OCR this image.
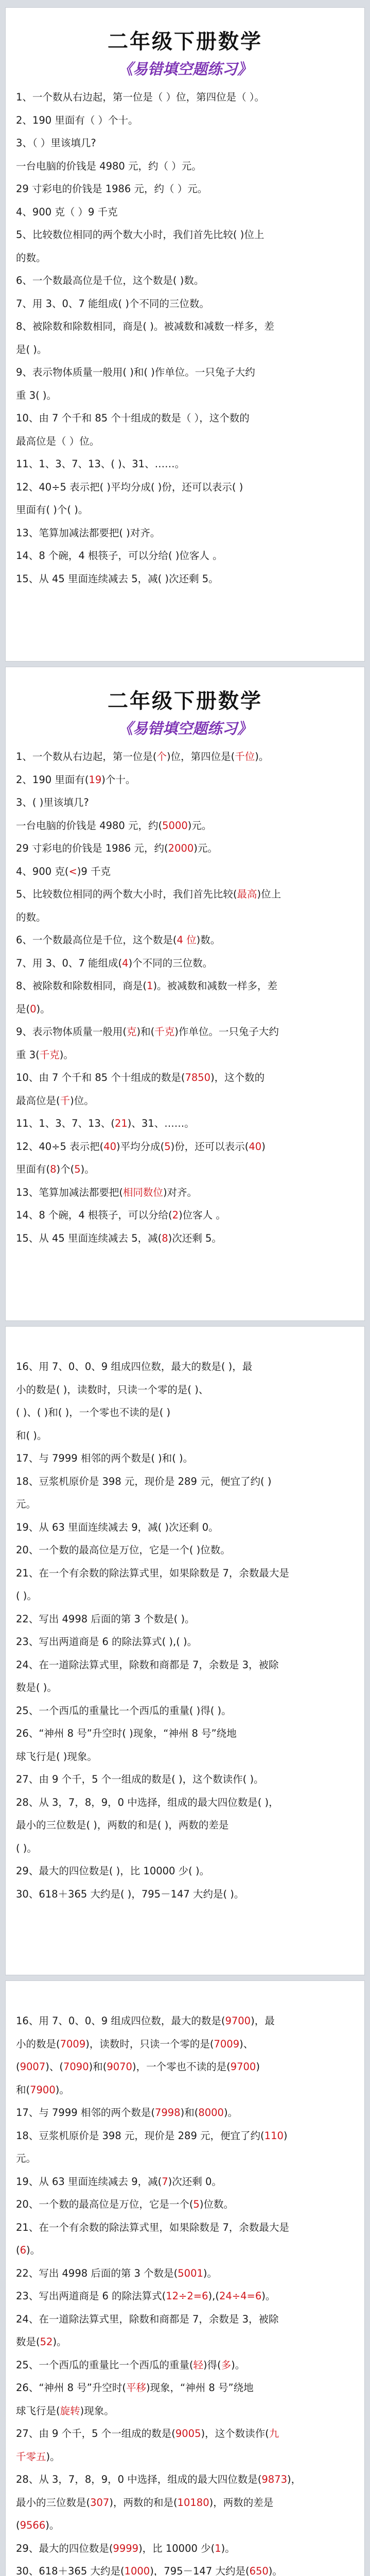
二年级下册数学
《易错填空题练习》
1、一个数从右边起，第一位是（ ）位，第四位是（ ）。
2、190 里面有（ ）个十。
3、（ ）里该填几?
一台电脑的价钱是 4980 元，约（ ）元。
29 寸彩电的价钱是 1986 元，约（ ）元。
4、900 克（ ）9 千克
5、比较数位相同的两个数大小时，我们首先比较( )位上
的数。
6、一个数最高位是千位，这个数是( )数。
7、用 3、0、7 能组成( )个不同的三位数。
8、被除数和除数相同，商是( )。被减数和减数一样多，差
是( )。
9、表示物体质量一般用( )和( )作单位。一只兔子大约
重 3( )。
10、由 7 个千和 85 个十组成的数是（ ），这个数的
最高位是（ ）位。
11、1、3、7、13、( )、31、……。
12、40÷5 表示把( )平均分成( )份，还可以表示( )
里面有( )个( )。
13、笔算加减法都要把( )对齐。
14、8 个碗，4 根筷子，可以分给( )位客人 。
15、从 45 里面连续减去 5，减( )次还剩 5。
二年级下册数学
《易错填空题练习》
1、一个数从右边起，第一位是(个)位，第四位是(千位)。
2、190 里面有(19)个十。
3、( )里该填几?
一台电脑的价钱是 4980 元，约(5000)元。
29 寸彩电的价钱是 1986 元，约(2000)元。
4、900 克(<)9 千克
5、比较数位相同的两个数大小时，我们首先比较(最高)位上
的数。
6、一个数最高位是千位，这个数是(4 位)数。
7、用 3、0、7 能组成(4)个不同的三位数。
8、被除数和除数相同，商是(1)。被减数和减数一样多，差
是(0)。
9、表示物体质量一般用(克)和(千克)作单位。一只兔子大约
重 3(千克)。
10、由 7 个千和 85 个十组成的数是(7850)，这个数的
最高位是(千)位。
11、1、3、7、13、(21)、31、……。
12、40÷5 表示把(40)平均分成(5)份，还可以表示(40)
里面有(8)个(5)。
13、笔算加减法都要把(相同数位)对齐。
14、8 个碗，4 根筷子，可以分给(2)位客人 。
15、从 45 里面连续减去 5，减(8)次还剩 5。
16、用 7、0、0、9 组成四位数，最大的数是( )，最
小的数是( )，读数时，只读一个零的是( )、
( )、( )和( )，一个零也不读的是( )
和( )。
17、与 7999 相邻的两个数是( )和( )。
18、豆浆机原价是 398 元，现价是 289 元，便宜了约( )
元。
19、从 63 里面连续减去 9，减( )次还剩 0。
20、一个数的最高位是万位，它是一个( )位数。
21、在一个有余数的除法算式里，如果除数是 7，余数最大是
( )。
22、写出 4998 后面的第 3 个数是( )。
23、写出两道商是 6 的除法算式( ),( )。
24、在一道除法算式里，除数和商都是 7，余数是 3，被除
数是( )。
25、一个西瓜的重量比一个西瓜的重量( )得( )。
26、“神州 8 号”升空时( )现象，“神州 8 号”绕地
球飞行是( )现象。
27、由 9 个千，5 个一组成的数是( )，这个数读作( )。
28、从 3，7，8，9，0 中选择，组成的最大四位数是( )，
最小的三位数是( )，两数的和是( )，两数的差是
( )。
29、最大的四位数是( )，比 10000 少( )。
30、618＋365 大约是( )，795－147 大约是( )。
16、用 7、0、0、9 组成四位数，最大的数是(9700)，最
小的数是(7009)，读数时，只读一个零的是(7009)、
(9007)、(7090)和(9070)，一个零也不读的是(9700)
和(7900)。
17、与 7999 相邻的两个数是(7998)和(8000)。
18、豆浆机原价是 398 元，现价是 289 元，便宜了约(110)
元。
19、从 63 里面连续减去 9，减(7)次还剩 0。
20、一个数的最高位是万位，它是一个(5)位数。
21、在一个有余数的除法算式里，如果除数是 7，余数最大是
(6)。
22、写出 4998 后面的第 3 个数是(5001)。
23、写出两道商是 6 的除法算式(12÷2=6),(24÷4=6)。
24、在一道除法算式里，除数和商都是 7，余数是 3，被除
数是(52)。
25、一个西瓜的重量比一个西瓜的重量(轻)得(多)。
26、“神州 8 号”升空时(平移)现象，“神州 8 号”绕地
球飞行是(旋转)现象。
27、由 9 个千，5 个一组成的数是(9005)，这个数读作(九
千零五)。
28、从 3，7，8，9，0 中选择，组成的最大四位数是(9873)，
最小的三位数是(307)，两数的和是(10180)，两数的差是
(9566)。
29、最大的四位数是(9999)，比 10000 少(1)。
30、618＋365 大约是(1000)，795－147 大约是(650)。
